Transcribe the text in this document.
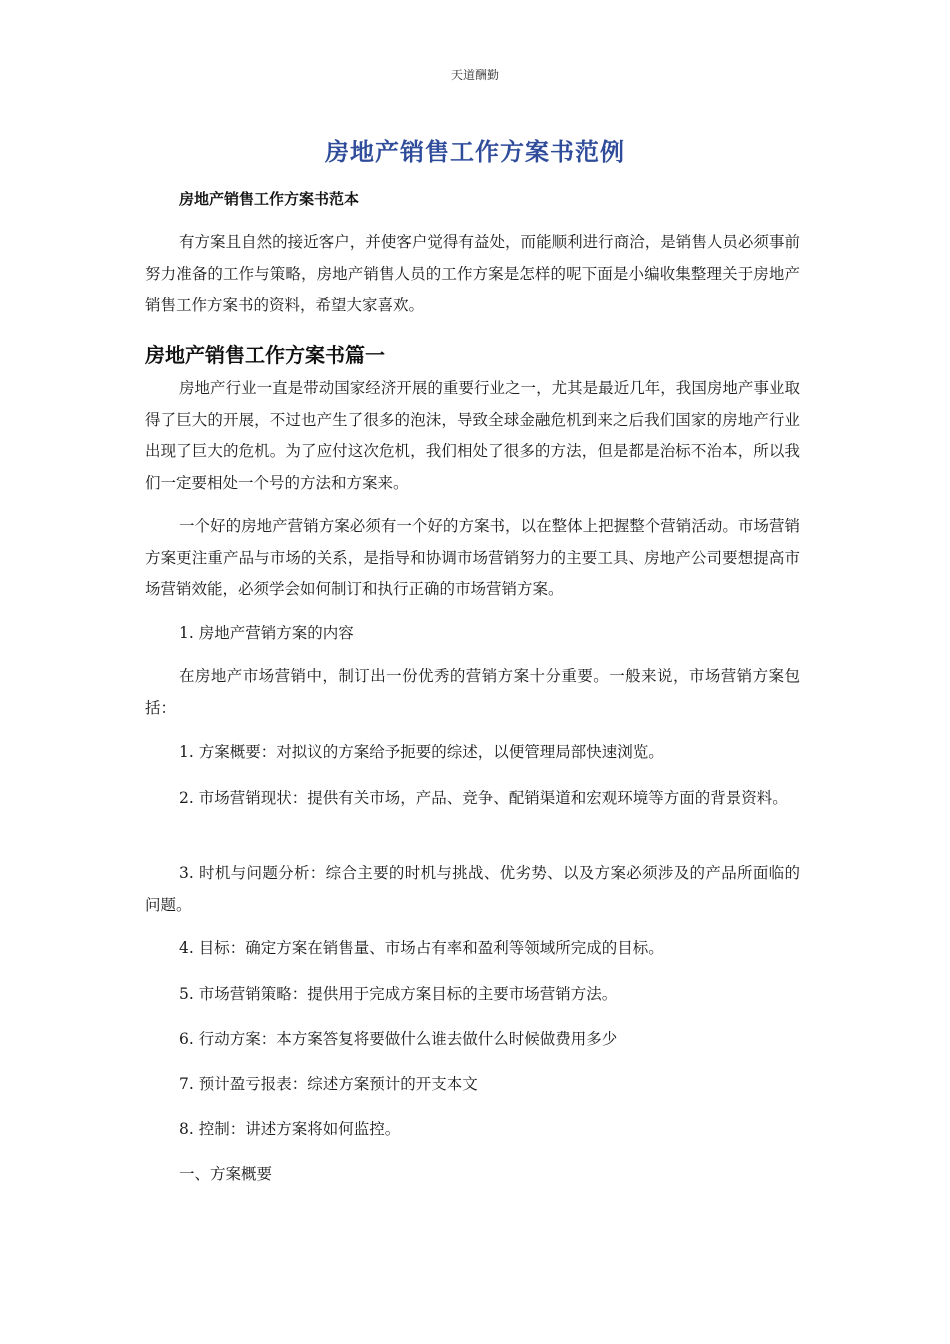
天道酬勤
房地产销售工作方案书范例
房地产销售工作方案书范本
有方案且自然的接近客户，并使客户觉得有益处，而能顺利进行商洽，是销售人员必须事前努力准备的工作与策略，房地产销售人员的工作方案是怎样的呢下面是小编收集整理关于房地产销售工作方案书的资料，希望大家喜欢。
房地产销售工作方案书篇一
房地产行业一直是带动国家经济开展的重要行业之一，尤其是最近几年，我国房地产事业取得了巨大的开展，不过也产生了很多的泡沫，导致全球金融危机到来之后我们国家的房地产行业出现了巨大的危机。为了应付这次危机，我们相处了很多的方法，但是都是治标不治本，所以我们一定要相处一个号的方法和方案来。
一个好的房地产营销方案必须有一个好的方案书，以在整体上把握整个营销活动。市场营销方案更注重产品与市场的关系，是指导和协调市场营销努力的主要工具、房地产公司要想提高市场营销效能，必须学会如何制订和执行正确的市场营销方案。
1. 房地产营销方案的内容
在房地产市场营销中，制订出一份优秀的营销方案十分重要。一般来说，市场营销方案包括：
1. 方案概要：对拟议的方案给予扼要的综述，以便管理局部快速浏览。
2. 市场营销现状：提供有关市场，产品、竞争、配销渠道和宏观环境等方面的背景资料。
3. 时机与问题分析：综合主要的时机与挑战、优劣势、以及方案必须涉及的产品所面临的问题。
4. 目标：确定方案在销售量、市场占有率和盈利等领域所完成的目标。
5. 市场营销策略：提供用于完成方案目标的主要市场营销方法。
6. 行动方案：本方案答复将要做什么谁去做什么时候做费用多少
7. 预计盈亏报表：综述方案预计的开支本文
8. 控制：讲述方案将如何监控。
一、方案概要
